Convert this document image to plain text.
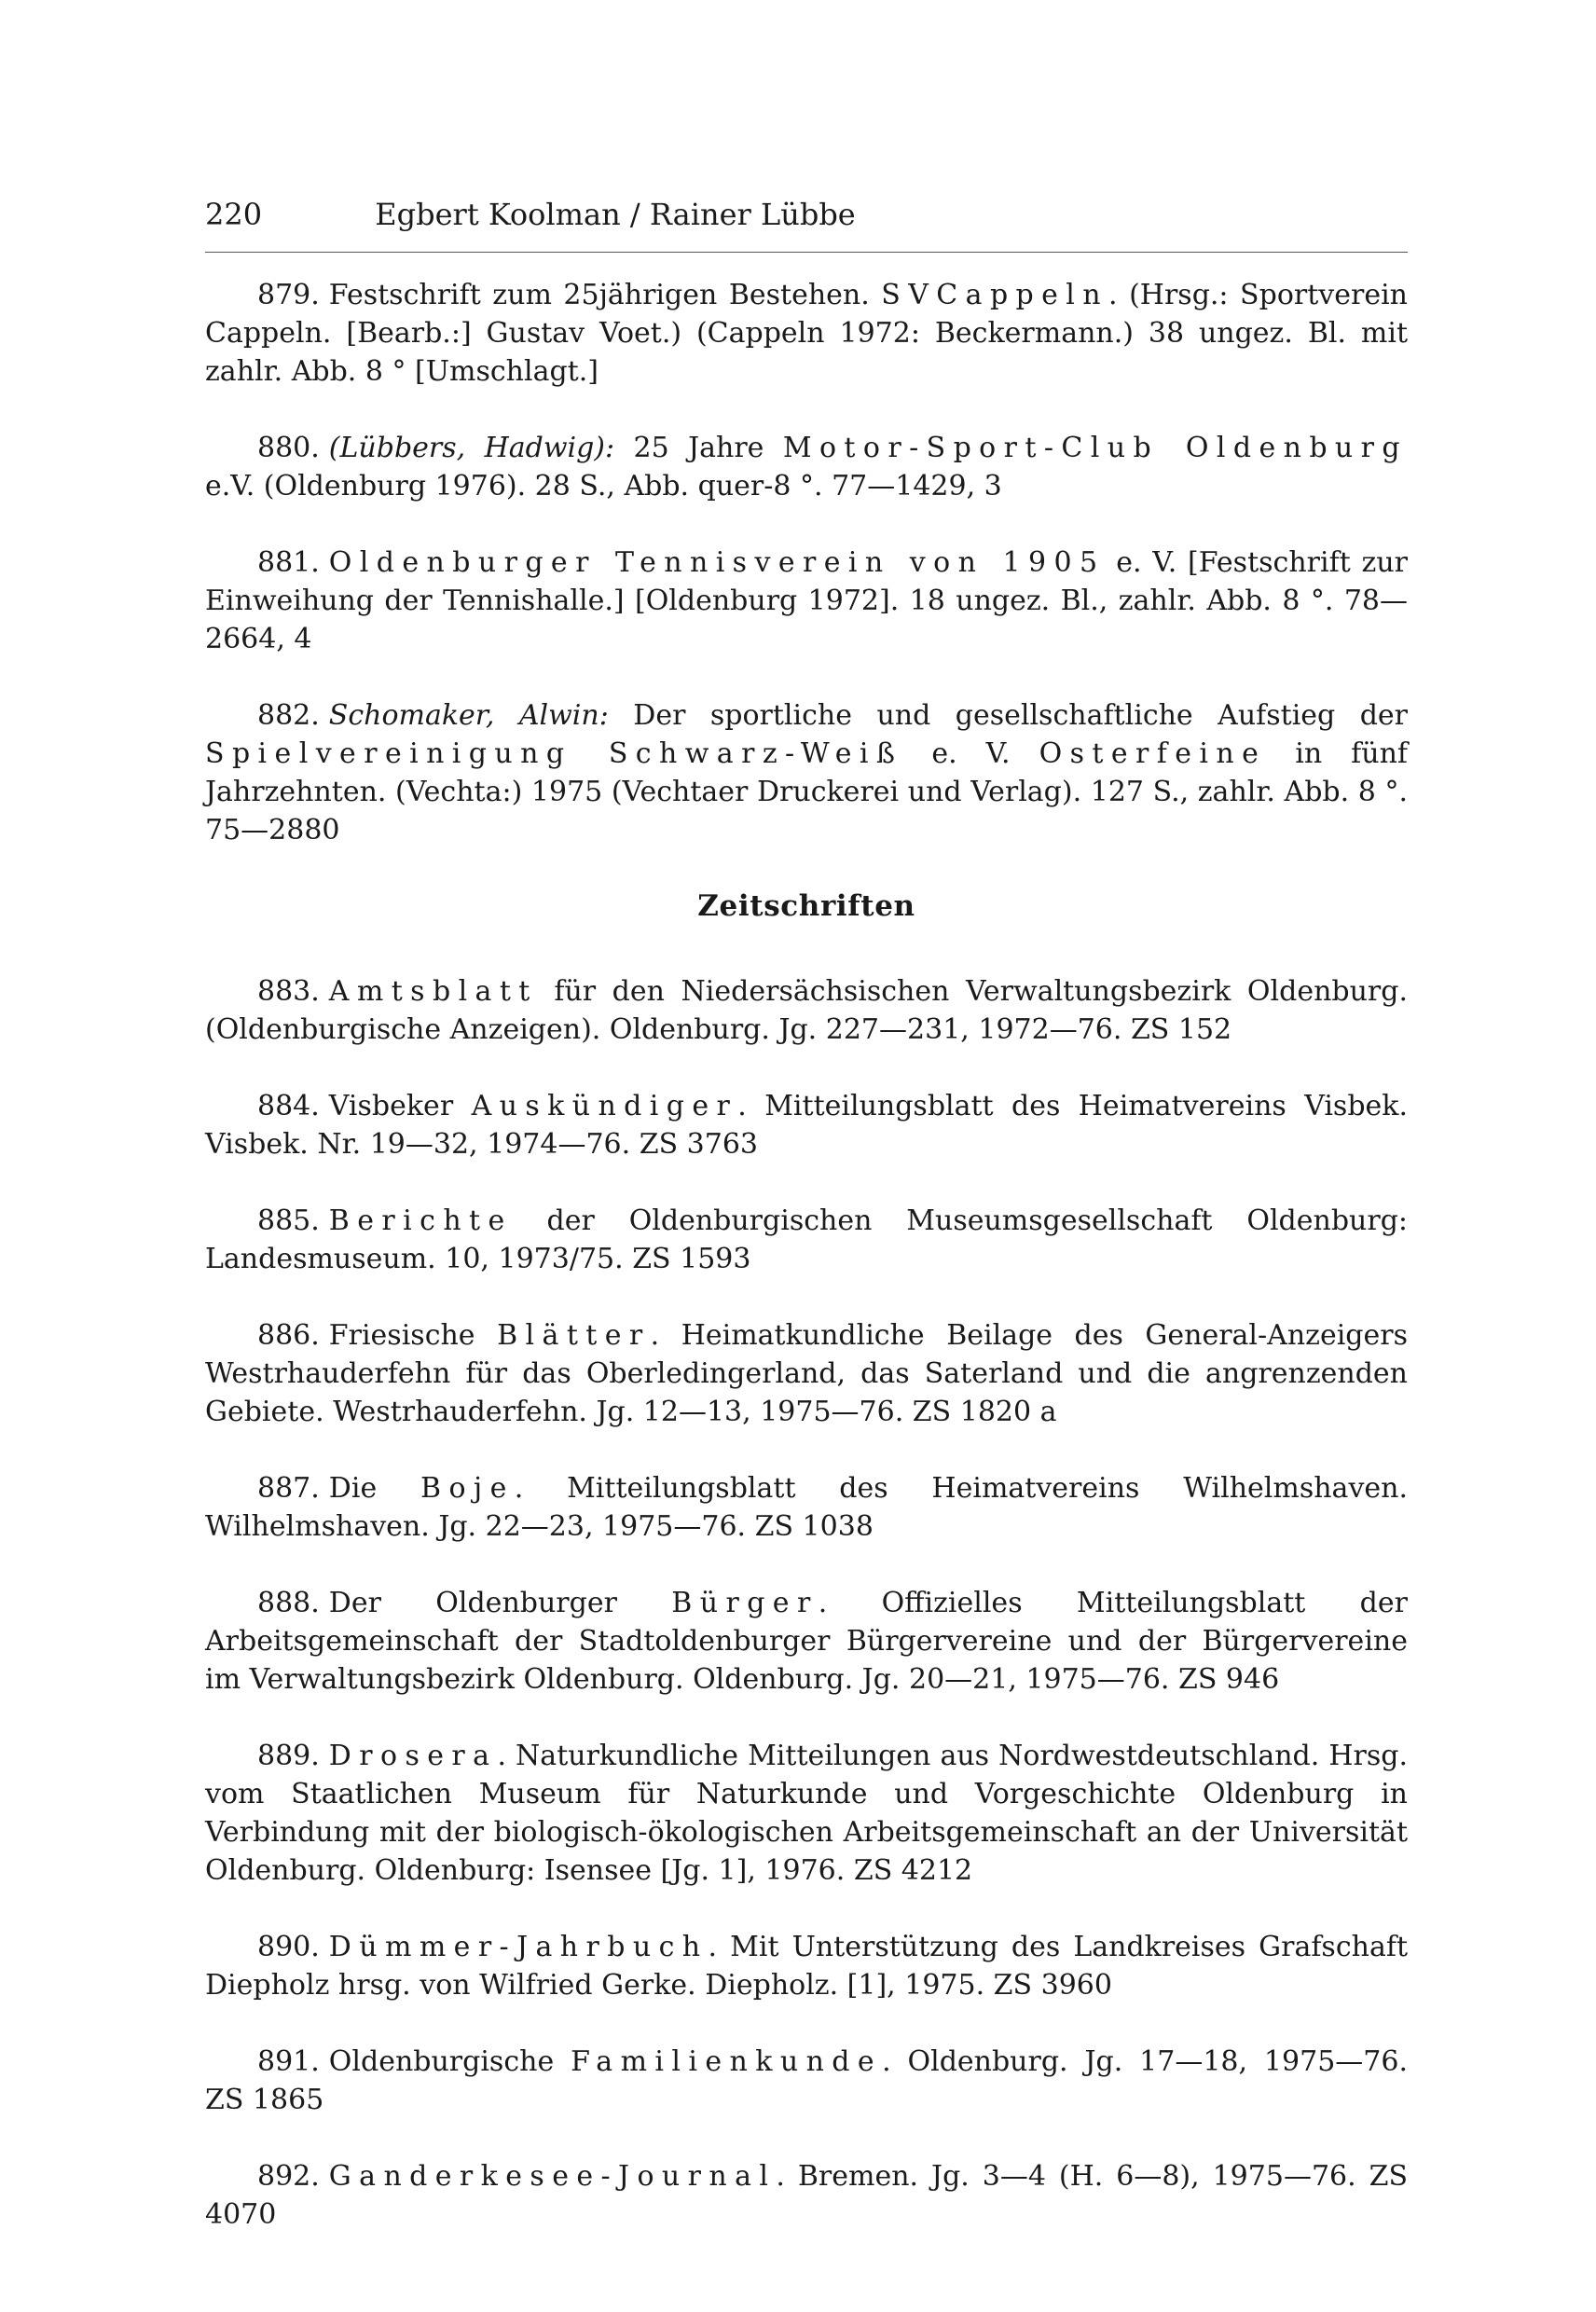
220	Egbert Koolman / Rainer Lübbe

879. Festschrift zum 25jährigen Bestehen. SVCappeln. (Hrsg.: Sportverein Cappeln. [Bearb.:] Gustav Voet.) (Cappeln 1972: Beckermann.) 38 ungez. Bl. mit zahlr. Abb. 8 ° [Umschlagt.]

880. (Lübbers, Hadwig): 25 Jahre Motor-Sport-Club Oldenburg e.V. (Oldenburg 1976). 28 S., Abb. quer-8 °. 77—1429, 3

881. Oldenburger Tennisverein von 1905 e. V. [Festschrift zur Einweihung der Tennishalle.] [Oldenburg 1972]. 18 ungez. Bl., zahlr. Abb. 8 °. 78—2664, 4

882. Schomaker, Alwin: Der sportliche und gesellschaftliche Aufstieg der Spielvereinigung Schwarz-Weiß e. V. Osterfeine in fünf Jahrzehnten. (Vechta:) 1975 (Vechtaer Druckerei und Verlag). 127 S., zahlr. Abb. 8 °. 75—2880

Zeitschriften

883. Amtsblatt für den Niedersächsischen Verwaltungsbezirk Oldenburg. (Oldenburgische Anzeigen). Oldenburg. Jg. 227—231, 1972—76. ZS 152

884. Visbeker Auskündiger. Mitteilungsblatt des Heimatvereins Visbek. Visbek. Nr. 19—32, 1974—76. ZS 3763

885. Berichte der Oldenburgischen Museumsgesellschaft Oldenburg: Landesmuseum. 10, 1973/75. ZS 1593

886. Friesische Blätter. Heimatkundliche Beilage des General-Anzeigers Westrhauderfehn für das Oberledingerland, das Saterland und die angrenzenden Gebiete. Westrhauderfehn. Jg. 12—13, 1975—76. ZS 1820 a

887. Die Boje. Mitteilungsblatt des Heimatvereins Wilhelmshaven. Wilhelmshaven. Jg. 22—23, 1975—76. ZS 1038

888. Der Oldenburger Bürger. Offizielles Mitteilungsblatt der Arbeitsgemeinschaft der Stadtoldenburger Bürgervereine und der Bürgervereine im Verwaltungsbezirk Oldenburg. Oldenburg. Jg. 20—21, 1975—76. ZS 946

889. Drosera. Naturkundliche Mitteilungen aus Nordwestdeutschland. Hrsg. vom Staatlichen Museum für Naturkunde und Vorgeschichte Oldenburg in Verbindung mit der biologisch-ökologischen Arbeitsgemeinschaft an der Universität Oldenburg. Oldenburg: Isensee [Jg. 1], 1976. ZS 4212

890. Dümmer-Jahrbuch. Mit Unterstützung des Landkreises Grafschaft Diepholz hrsg. von Wilfried Gerke. Diepholz. [1], 1975. ZS 3960

891. Oldenburgische Familienkunde. Oldenburg. Jg. 17—18, 1975—76. ZS 1865

892. Ganderkesee-Journal. Bremen. Jg. 3—4 (H. 6—8), 1975—76. ZS 4070
